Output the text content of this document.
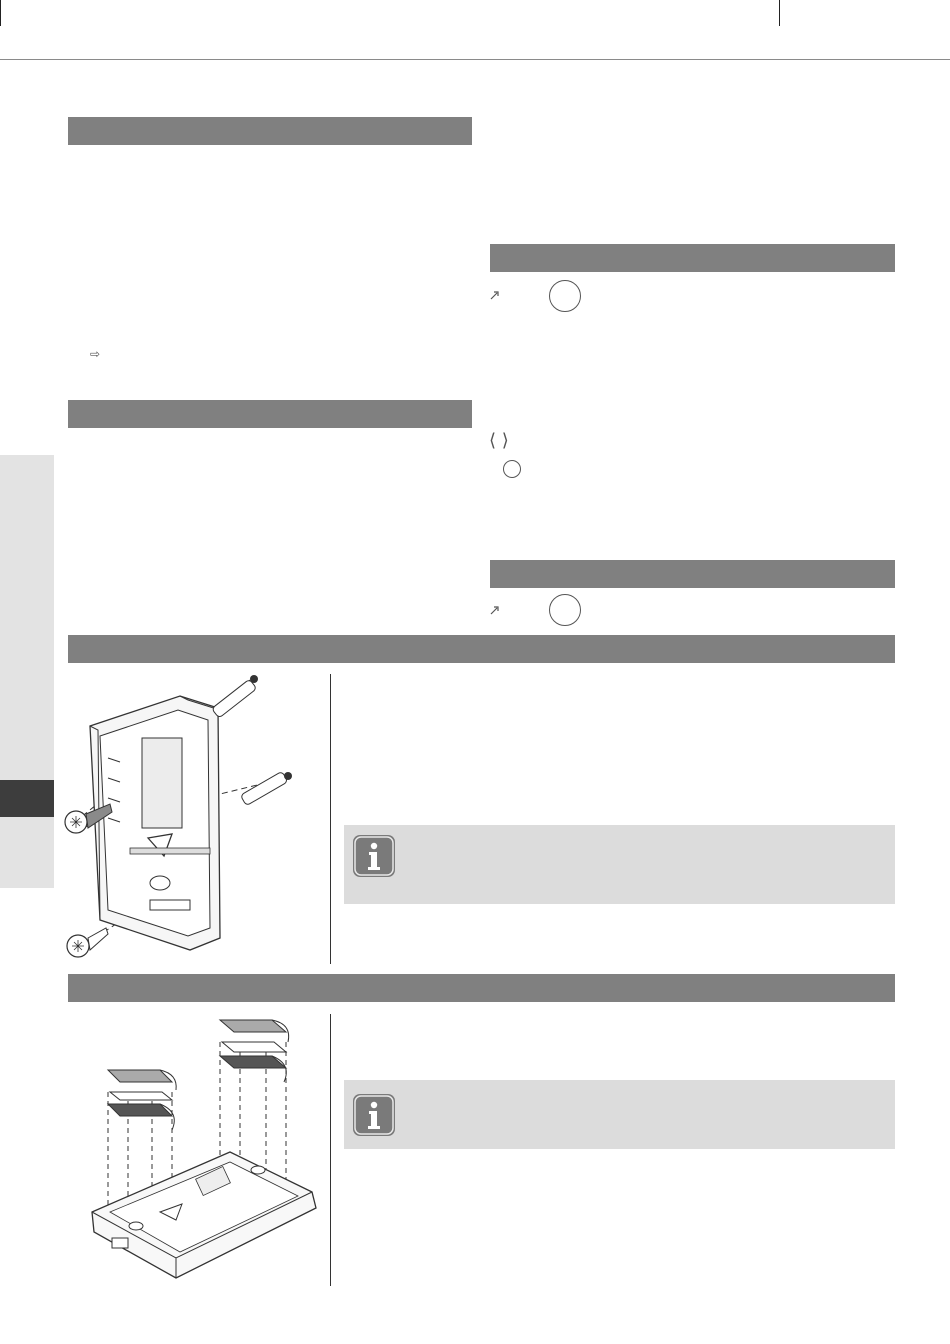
⇨
⟨ ⟩
